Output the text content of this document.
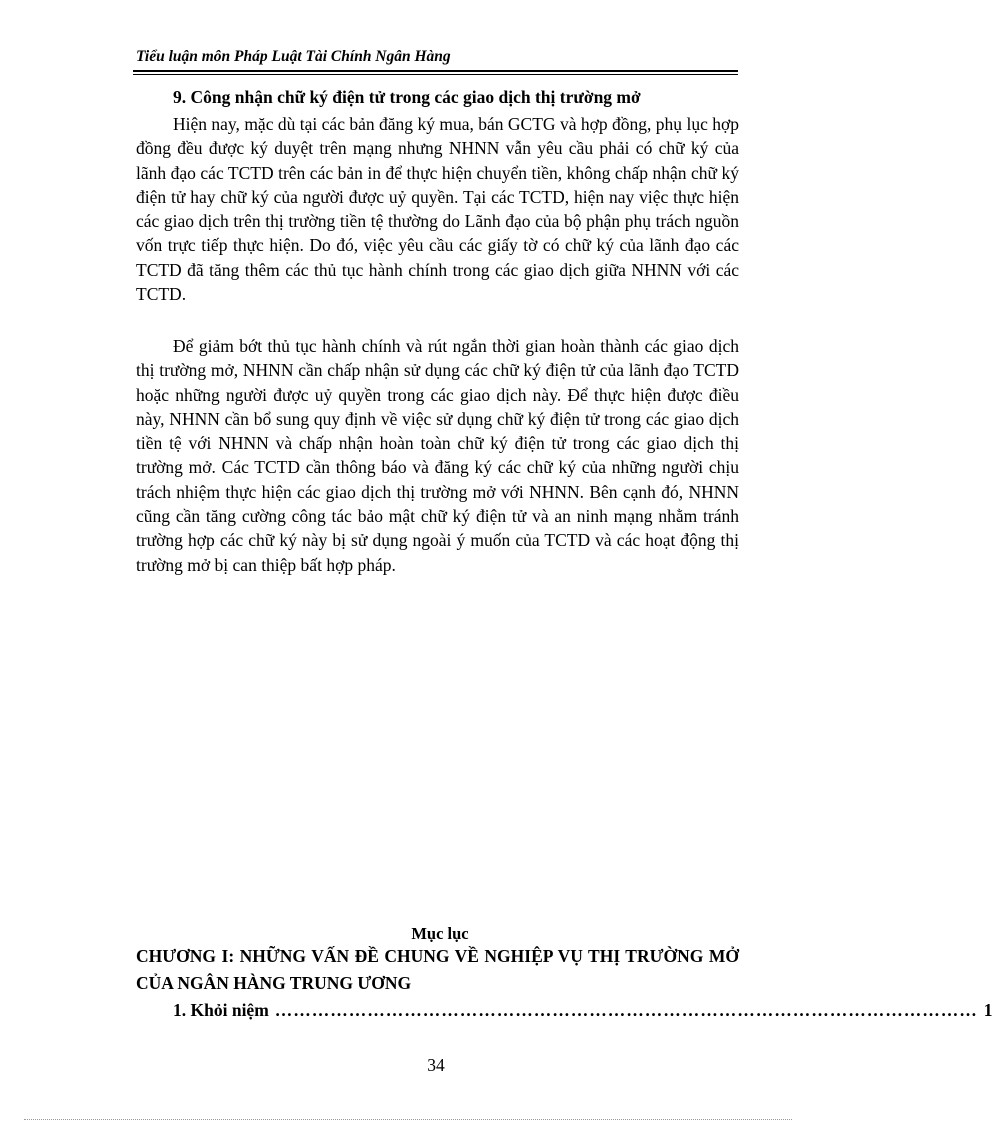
Tiểu luận môn Pháp Luật Tài Chính Ngân Hàng
9. Công nhận chữ ký điện tử trong các giao dịch thị trường mở

Hiện nay, mặc dù tại các bản đăng ký mua, bán GCTG và hợp đồng, phụ lục hợp đồng đều được ký duyệt trên mạng nhưng NHNN vẫn yêu cầu phải có chữ ký của lãnh đạo các TCTD trên các bản in để thực hiện chuyển tiền, không chấp nhận chữ ký điện tử hay chữ ký của người được uỷ quyền. Tại các TCTD, hiện nay việc thực hiện các giao dịch trên thị trường tiền tệ thường do Lãnh đạo của bộ phận phụ trách nguồn vốn trực tiếp thực hiện. Do đó, việc yêu cầu các giấy tờ có chữ ký của lãnh đạo các TCTD đã tăng thêm các thủ tục hành chính trong các giao dịch giữa NHNN với các TCTD.

Để giảm bớt thủ tục hành chính và rút ngắn thời gian hoàn thành các giao dịch thị trường mở, NHNN cần chấp nhận sử dụng các chữ ký điện tử của lãnh đạo TCTD hoặc những người được uỷ quyền trong các giao dịch này. Để thực hiện được điều này, NHNN cần bổ sung quy định về việc sử dụng chữ ký điện tử trong các giao dịch tiền tệ với NHNN và chấp nhận hoàn toàn chữ ký điện tử trong các giao dịch thị trường mở. Các TCTD cần thông báo và đăng ký các chữ ký của những người chịu trách nhiệm thực hiện các giao dịch thị trường mở với NHNN. Bên cạnh đó, NHNN cũng cần tăng cường công tác bảo mật chữ ký điện tử và an ninh mạng nhằm tránh trường hợp các chữ ký này bị sử dụng ngoài ý muốn của TCTD và các hoạt động thị trường mở bị can thiệp bất hợp pháp.

Mục lục

CHƯƠNG I: NHỮNG VẤN ĐỀ CHUNG VỀ NGHIỆP VỤ THỊ TRƯỜNG MỞ CỦA NGÂN HÀNG TRUNG ƯƠNG

1. Khỏi niệm …………………………………………………………………………………………………… 1
34
